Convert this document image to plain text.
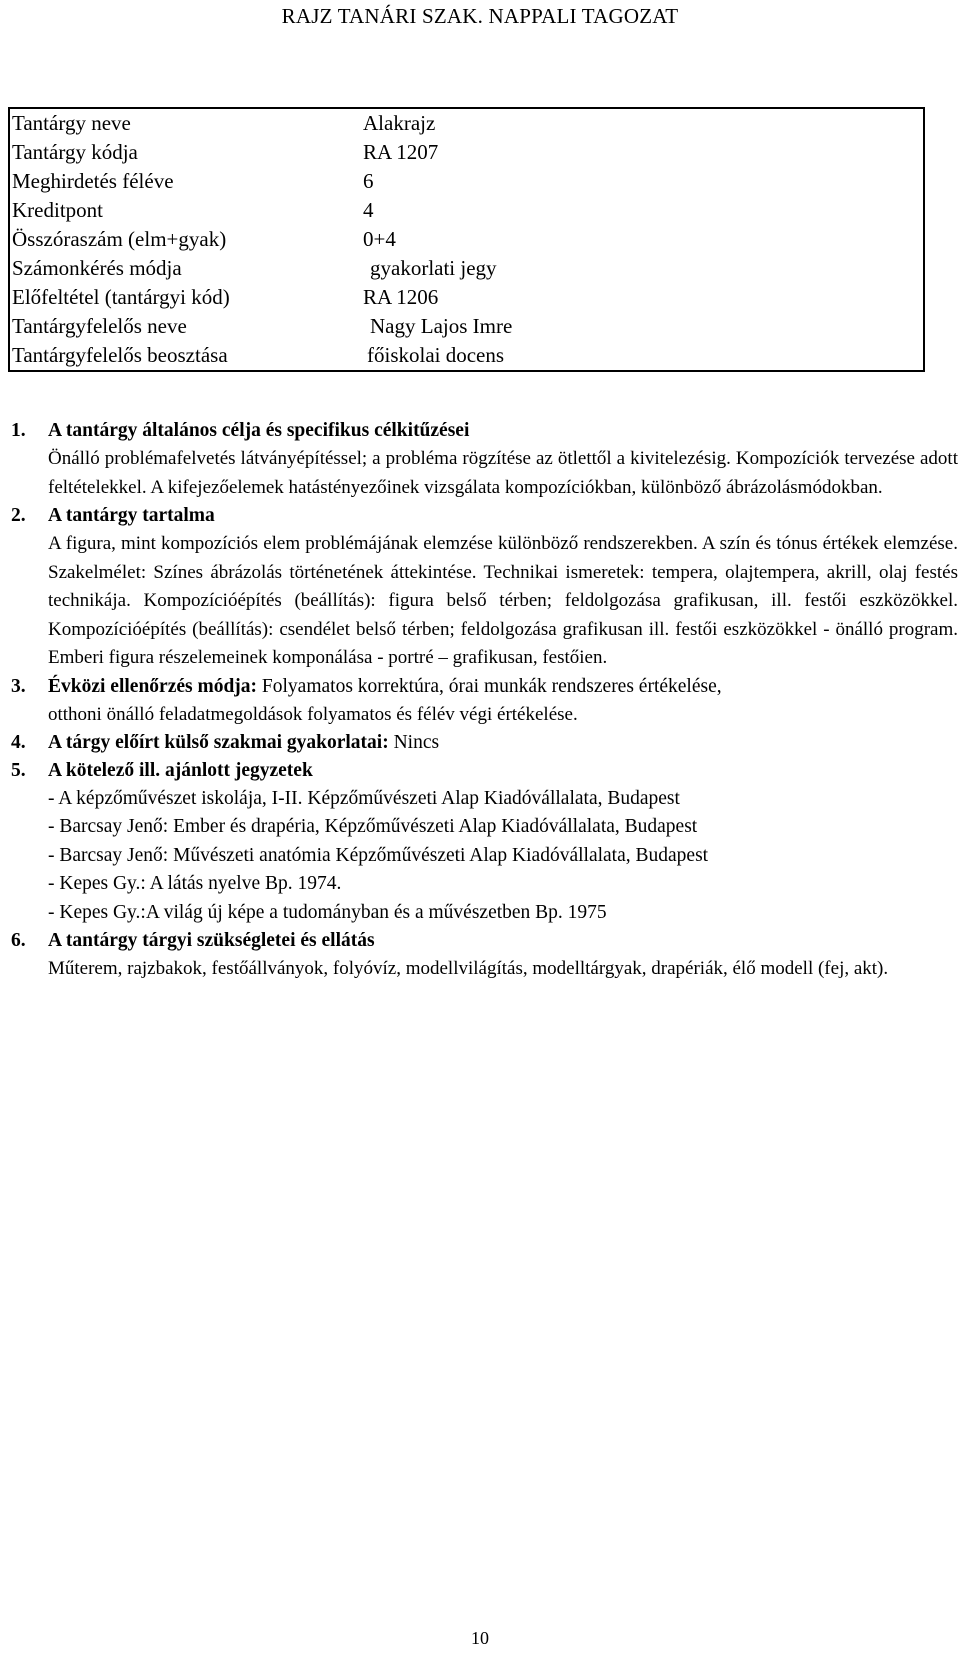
RAJZ TANÁRI SZAK. NAPPALI TAGOZAT
Tantárgy neve	Alakrajz
Tantárgy kódja	RA 1207
Meghirdetés féléve	6
Kreditpont	4
Összóraszám (elm+gyak)	0+4
Számonkérés módja	gyakorlati jegy
Előfeltétel (tantárgyi kód)	RA 1206
Tantárgyfelelős neve	Nagy Lajos Imre
Tantárgyfelelős beosztása	főiskolai docens
1. A tantárgy általános célja és specifikus célkitűzései
Önálló problémafelvetés látványépítéssel; a probléma rögzítése az ötlettől a kivitelezésig. Kompozíciók tervezése adott feltételekkel. A kifejezőelemek hatástényezőinek vizsgálata kompozíciókban, különböző ábrázolásmódokban.
2. A tantárgy tartalma
A figura, mint kompozíciós elem problémájának elemzése különböző rendszerekben. A szín és tónus értékek elemzése. Szakelmélet: Színes ábrázolás történetének áttekintése. Technikai ismeretek: tempera, olajtempera, akrill, olaj festés technikája. Kompozícióépítés (beállítás): figura belső térben; feldolgozása grafikusan, ill. festői eszközökkel. Kompozícióépítés (beállítás): csendélet belső térben; feldolgozása grafikusan ill. festői eszközökkel - önálló program. Emberi figura részelemeinek komponálása - portré – grafikusan, festőien.
3. Évközi ellenőrzés módja: Folyamatos korrektúra, órai munkák rendszeres értékelése,
otthoni önálló feladatmegoldások folyamatos és félév végi értékelése.
4. A tárgy előírt külső szakmai gyakorlatai: Nincs
5. A kötelező ill. ajánlott jegyzetek
- A képzőművészet iskolája, I-II. Képzőművészeti Alap Kiadóvállalata, Budapest
- Barcsay Jenő: Ember és drapéria, Képzőművészeti Alap Kiadóvállalata, Budapest
- Barcsay Jenő: Művészeti anatómia Képzőművészeti Alap Kiadóvállalata, Budapest
- Kepes Gy.: A látás nyelve Bp. 1974.
- Kepes Gy.:A világ új képe a tudományban és a művészetben Bp. 1975
6. A tantárgy tárgyi szükségletei és ellátás
Műterem, rajzbakok, festőállványok, folyóvíz, modellvilágítás, modelltárgyak, drapériák, élő modell (fej, akt).
10
